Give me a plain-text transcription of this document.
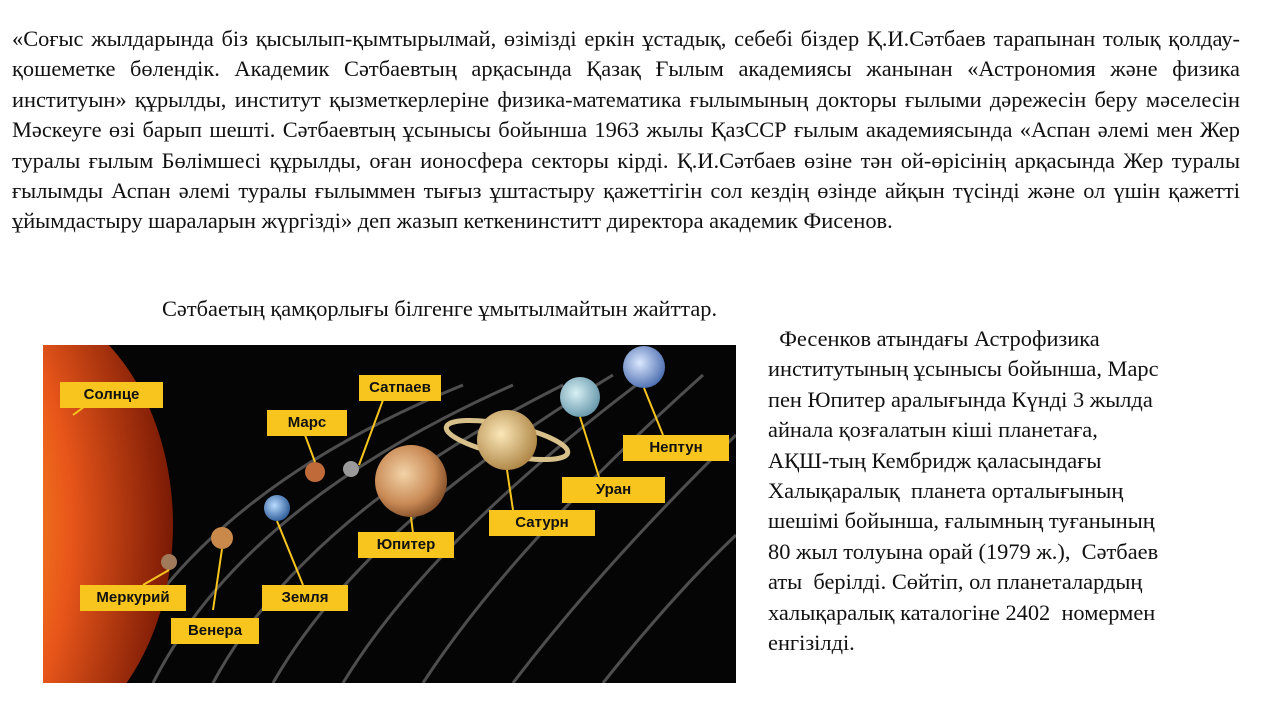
«Соғыс жылдарында біз қысылып-қымтырылмай, өзімізді еркін ұстадық, себебі біздер Қ.И.Сәтбаев тарапынан толық қолдау-қошеметке бөлендік. Академик Сәтбаевтың арқасында Қазақ Ғылым академиясы жанынан «Астрономия және физика институын» құрылды, институт қызметкерлеріне физика-математика ғылымының докторы ғылыми дәрежесін беру мәселесін Мәскеуге өзі барып шешті. Сәтбаевтың ұсынысы бойынша 1963 жылы ҚазССР ғылым академиясында «Аспан әлемі мен Жер туралы ғылым Бөлімшесі құрылды, оған ионосфера секторы кірді. Қ.И.Сәтбаев өзіне тән ой-өрісінің арқасында Жер туралы ғылымды Аспан әлемі туралы ғылыммен тығыз ұштастыру қажеттігін сол кездің өзінде айқын түсінді және ол үшін қажетті ұйымдастыру шараларын жүргізді» деп жазып кеткенинститт директора академик Фисенов.

Сәтбаетың қамқорлығы білгенге ұмытылмайтын жайттар.

Солнце
Меркурий
Венера
Земля
Марс
Сатпаев
Юпитер
Сатурн
Уран
Нептун
Фесенков атындағы Астрофизика
институтының ұсынысы бойынша, Марс
пен Юпитер аралығында Күнді 3 жылда
айнала қозғалатын кіші планетаға,
АҚШ-тың Кембридж қаласындағы
Халықаралық  планета орталығының
шешімі бойынша, ғалымның туғанының
80 жыл толуына орай (1979 ж.),  Сәтбаев
аты  берілді. Сөйтіп, ол планеталардың
халықаралық каталогіне 2402  номермен
енгізілді.
